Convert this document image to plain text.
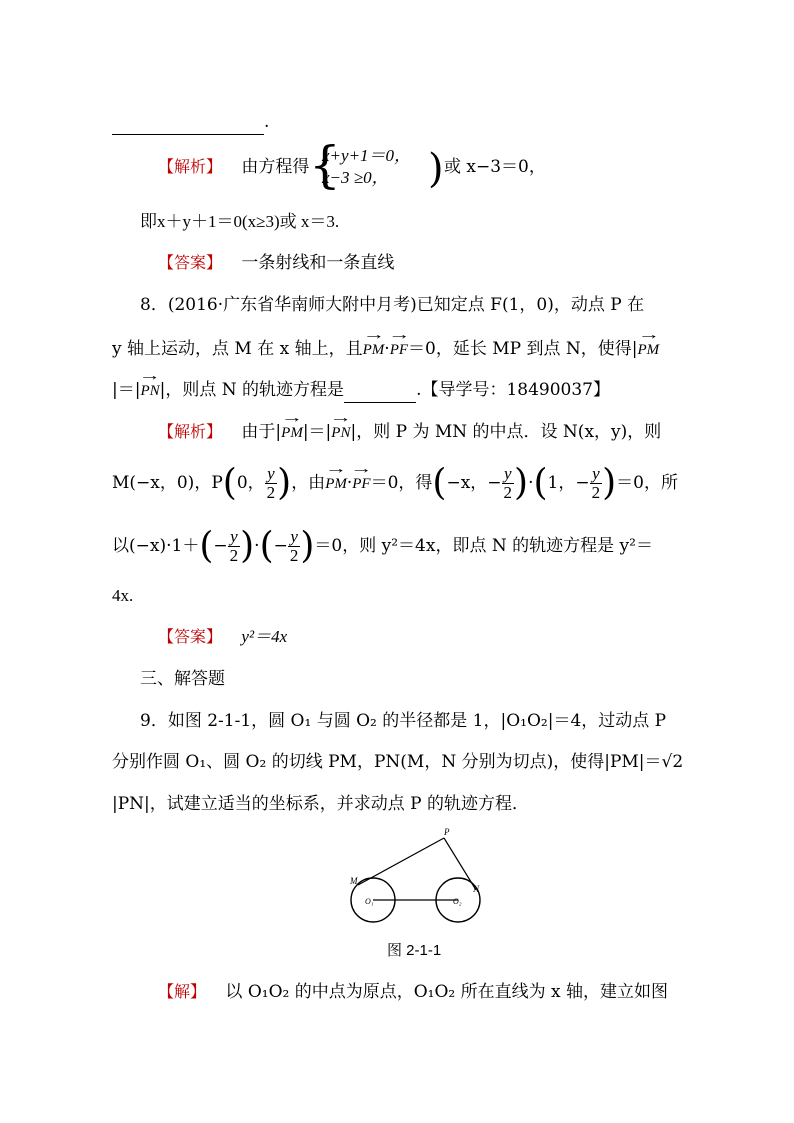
.
【解析】 由方程得 {
x+y+1＝0，
x−3 ≥0， ) 或 x−3＝0，
即x＋y＋1＝0(x≥3)或 x＝3.
【答案】 一条射线和一条直线
8．(2016·广东省华南师大附中月考)已知定点 F(1，0)，动点 P 在
y 轴上运动，点 M 在 x 轴上，且→ PM·→ PF＝0，延长 MP 到点 N，使得|→ PM
|＝|→ PN|，则点 N 的轨迹方程是	.【导学号：18490037】
【解析】 由于|→ PM|＝|→ PN|，则 P 为 MN 的中点．设 N(x，y)，则
M(−x，0)，P(0， $\frac{y}{2}$ )，由→ PM·→ PF＝0，得(−x，− $\frac{y}{2} )\cdot(1$，− $\frac{y}{2} )=0$，所
以$(-x)\cdot 1+(- \frac{y}{2}$ )·(− $\frac{y}{2} )=0$，则 y²＝4x，即点 N 的轨迹方程是 y²＝
4x.
【答案】 y²＝4x
三、解答题
9．如图 2-1-1，圆 O₁ 与圆 O₂ 的半径都是 1，|O₁O₂|＝4，过动点 P
分别作圆 O₁、圆 O₂ 的切线 PM，PN(M，N 分别为切点)，使得|PM|＝√2
|PN|，试建立适当的坐标系，并求动点 P 的轨迹方程．
P
M
N
O₁	O₂
图 2-1-1
【解】 以 O₁O₂ 的中点为原点，O₁O₂ 所在直线为 x 轴，建立如图
